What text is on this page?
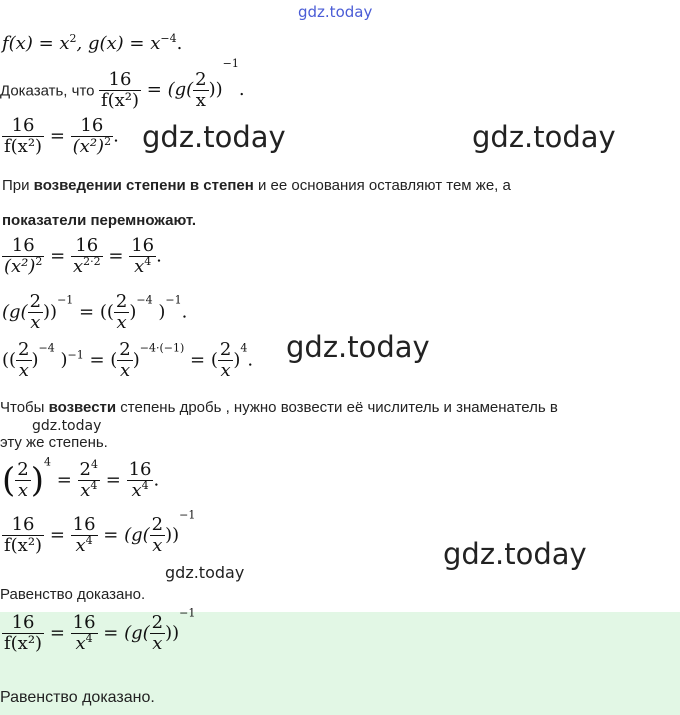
gdz.today
$f(x) = x^2$, $g(x) = x^{-4}$.
Доказать, что $\frac{16}{\text{f(x²)}} = (g( \frac{2}{x} ))^{-1}$.
$\frac{16}{\text{f(x²)}} = \frac{16}{(x^2)^2}$ . gdz.today	gdz.today
При возведении степени в степен и ее основания оставляют тем же, а
показатели перемножают.
$\frac{16}{(x^2)^2} = \frac{16}{x^{2\cdot 2}} = \frac{16}{x^4}$ .
$(g( \frac{2}{x} ))^{-1}$ = (( $\frac{2}{x} )^{-4}$ )$^{-1}$.
(( $\frac{2}{x} )^{-4}$ )$^{-1}$ = ( $\frac{2}{x} )^{-4\cdot(-1)}$ = ( $\frac{2}{x} )^4$. gdz.today
Чтобы возвести степень дробь , нужно возвести её числитель и знаменатель в
gdz.today
эту же степень.
( $\frac{2}{x} )^4 = \frac{2^4}{x^4} = \frac{16}{x^4}$ .
$\frac{16}{\text{f(x²)}} = \frac{16}{x^4} = (g( \frac{2}{x} ))^{-1}$
gdz.today
gdz.today
Равенство доказано.
$\frac{16}{\text{f(x²)}} = \frac{16}{x^4} = (g( \frac{2}{x} ))^{-1}$
Равенство доказано.
